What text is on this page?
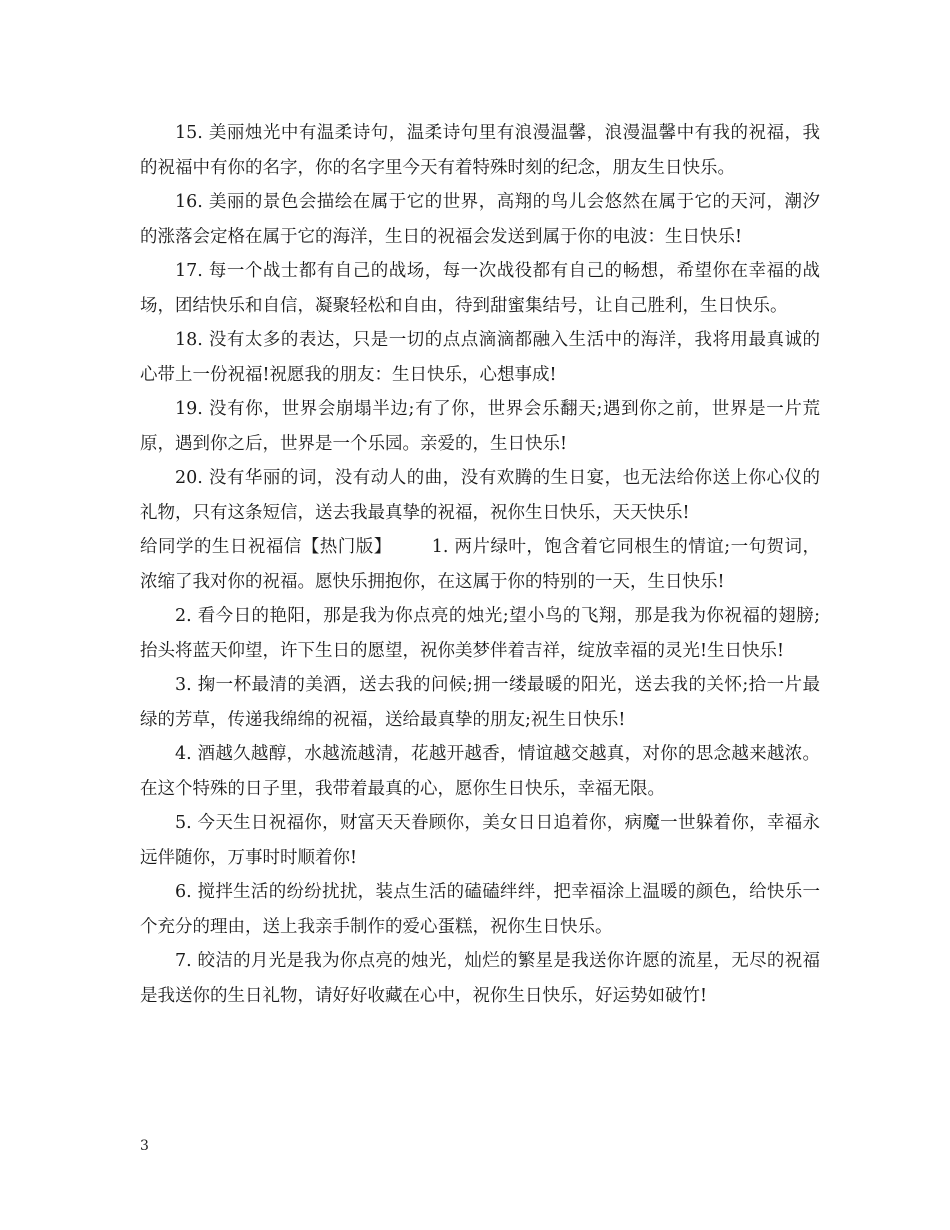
15. 美丽烛光中有温柔诗句，温柔诗句里有浪漫温馨，浪漫温馨中有我的祝福，我的祝福中有你的名字，你的名字里今天有着特殊时刻的纪念，朋友生日快乐。

16. 美丽的景色会描绘在属于它的世界，高翔的鸟儿会悠然在属于它的天河，潮汐的涨落会定格在属于它的海洋，生日的祝福会发送到属于你的电波：生日快乐!

17. 每一个战士都有自己的战场，每一次战役都有自己的畅想，希望你在幸福的战场，团结快乐和自信，凝聚轻松和自由，待到甜蜜集结号，让自己胜利，生日快乐。

18. 没有太多的表达，只是一切的点点滴滴都融入生活中的海洋，我将用最真诚的心带上一份祝福!祝愿我的朋友：生日快乐，心想事成!

19. 没有你，世界会崩塌半边;有了你，世界会乐翻天;遇到你之前，世界是一片荒原，遇到你之后，世界是一个乐园。亲爱的，生日快乐!

20. 没有华丽的词，没有动人的曲，没有欢腾的生日宴，也无法给你送上你心仪的礼物，只有这条短信，送去我最真挚的祝福，祝你生日快乐，天天快乐!

给同学的生日祝福信【热门版】 1. 两片绿叶，饱含着它同根生的情谊;一句贺词，浓缩了我对你的祝福。愿快乐拥抱你，在这属于你的特别的一天，生日快乐!

2. 看今日的艳阳，那是我为你点亮的烛光;望小鸟的飞翔，那是我为你祝福的翅膀;抬头将蓝天仰望，许下生日的愿望，祝你美梦伴着吉祥，绽放幸福的灵光!生日快乐!

3. 掬一杯最清的美酒，送去我的问候;拥一缕最暖的阳光，送去我的关怀;拾一片最绿的芳草，传递我绵绵的祝福，送给最真挚的朋友;祝生日快乐!

4. 酒越久越醇，水越流越清，花越开越香，情谊越交越真，对你的思念越来越浓。在这个特殊的日子里，我带着最真的心，愿你生日快乐，幸福无限。

5. 今天生日祝福你，财富天天眷顾你，美女日日追着你，病魔一世躲着你，幸福永远伴随你，万事时时顺着你!

6. 搅拌生活的纷纷扰扰，装点生活的磕磕绊绊，把幸福涂上温暖的颜色，给快乐一个充分的理由，送上我亲手制作的爱心蛋糕，祝你生日快乐。

7. 皎洁的月光是我为你点亮的烛光，灿烂的繁星是我送你许愿的流星，无尽的祝福是我送你的生日礼物，请好好收藏在心中，祝你生日快乐，好运势如破竹!

3
